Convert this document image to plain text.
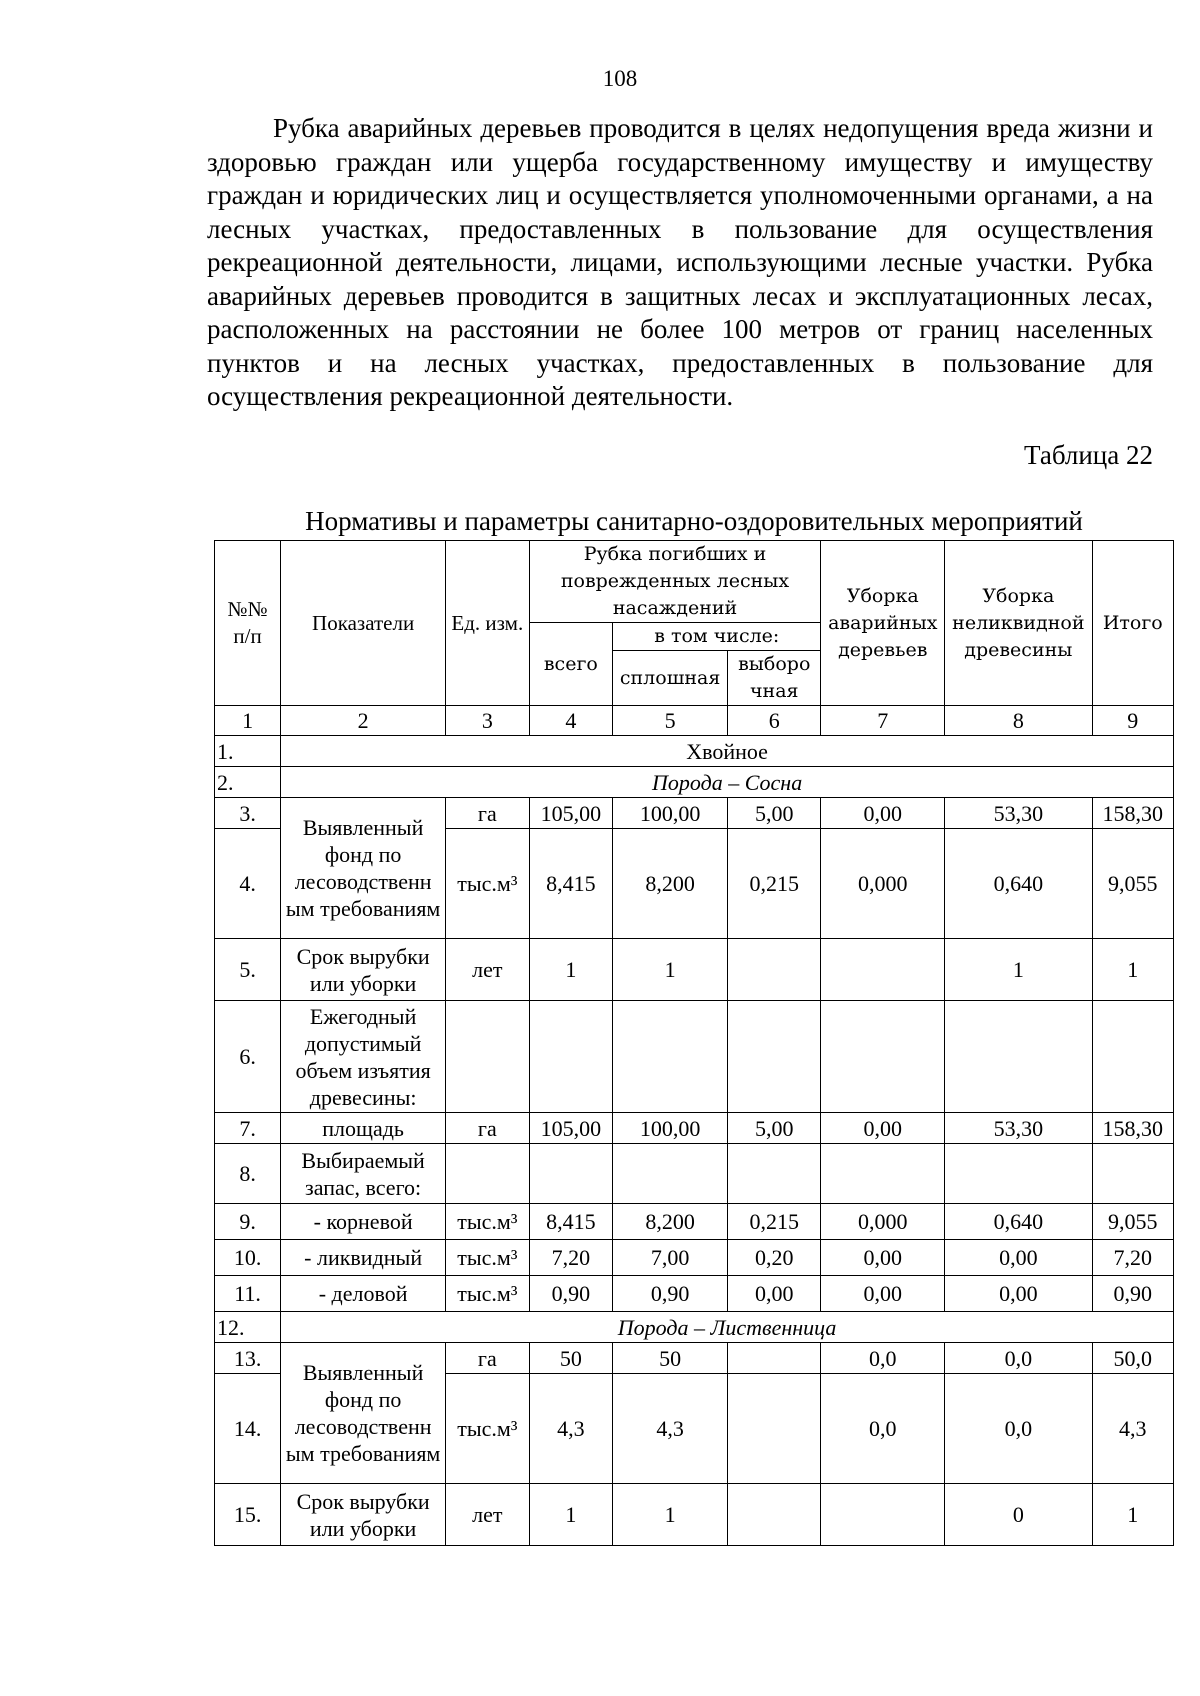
108

Рубка аварийных деревьев проводится в целях недопущения вреда жизни и здоровью граждан или ущерба государственному имуществу и имуществу граждан и юридических лиц и осуществляется уполномоченными органами, а на лесных участках, предоставленных в пользование для осуществления рекреационной деятельности, лицами, использующими лесные участки. Рубка аварийных деревьев проводится в защитных лесах и эксплуатационных лесах, расположенных на расстоянии не более 100 метров от границ населенных пунктов и на лесных участках, предоставленных в пользование для осуществления рекреационной деятельности.

Таблица 22
Нормативы и параметры санитарно-оздоровительных мероприятий
№№ п/п	Показатели	Ед. изм.	Рубка погибших и поврежденных лесных насаждений			Уборка аварийных деревьев	Уборка неликвидной древесины	Итого
			всего	в том числе:				
				сплошная	выборо чная			
1	2	3	4	5	6	7	8	9
1.	Хвойное							
2.	Порода – Сосна							
3.	Выявленный фонд по лесоводственн ым требованиям	га	105,00	100,00	5,00	0,00	53,30	158,30
4.		тыс.м³	8,415	8,200	0,215	0,000	0,640	9,055
5.	Срок вырубки или уборки	лет	1	1			1	1
6.	Ежегодный допустимый объем изъятия древесины:							
7.	площадь	га	105,00	100,00	5,00	0,00	53,30	158,30
8.	Выбираемый запас, всего:							
9.	- корневой	тыс.м³	8,415	8,200	0,215	0,000	0,640	9,055
10.	- ликвидный	тыс.м³	7,20	7,00	0,20	0,00	0,00	7,20
11.	- деловой	тыс.м³	0,90	0,90	0,00	0,00	0,00	0,90
12.	Порода – Лиственница							
13.	Выявленный фонд по лесоводственн ым требованиям	га	50	50		0,0	0,0	50,0
14.		тыс.м³	4,3	4,3		0,0	0,0	4,3
15.	Срок вырубки или уборки	лет	1	1			0	1
